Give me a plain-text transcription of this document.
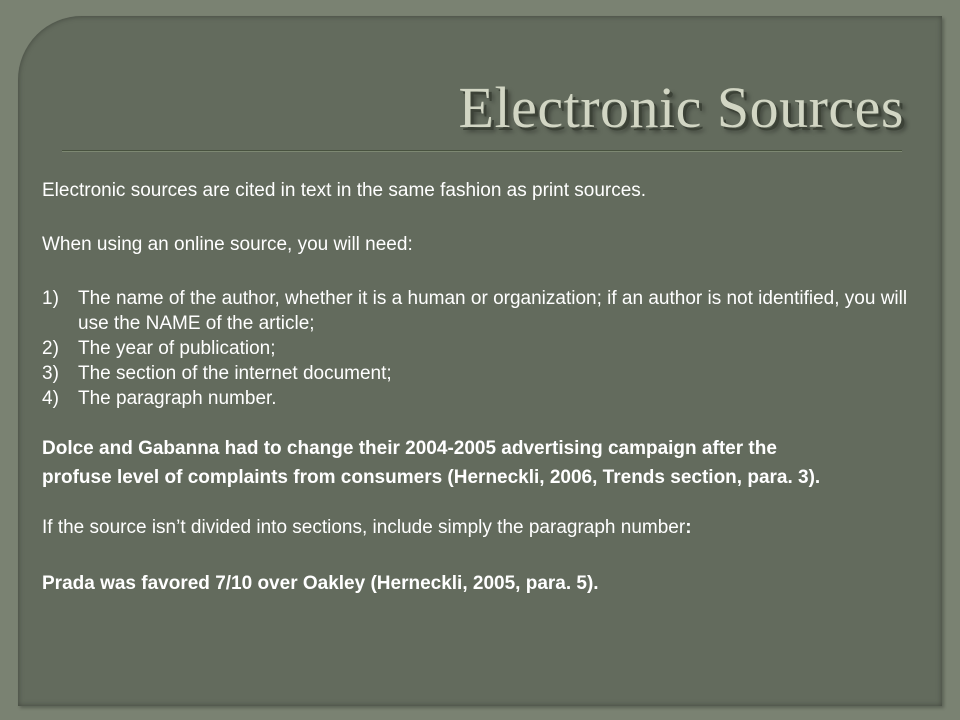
Electronic Sources

Electronic sources are cited in text in the same fashion as print sources.

When using an online source, you will need:

1)	The name of the author, whether it is a human or organization; if an author is not identified, you will use the NAME of the article;
2)	The year of publication;
3)	The section of the internet document;
4)	The paragraph number.

Dolce and Gabanna had to change their 2004-2005 advertising campaign after the profuse level of complaints from consumers (Herneckli, 2006, Trends section, para. 3).

If the source isn’t divided into sections, include simply the paragraph number:

Prada was favored 7/10 over Oakley (Herneckli, 2005, para. 5).
